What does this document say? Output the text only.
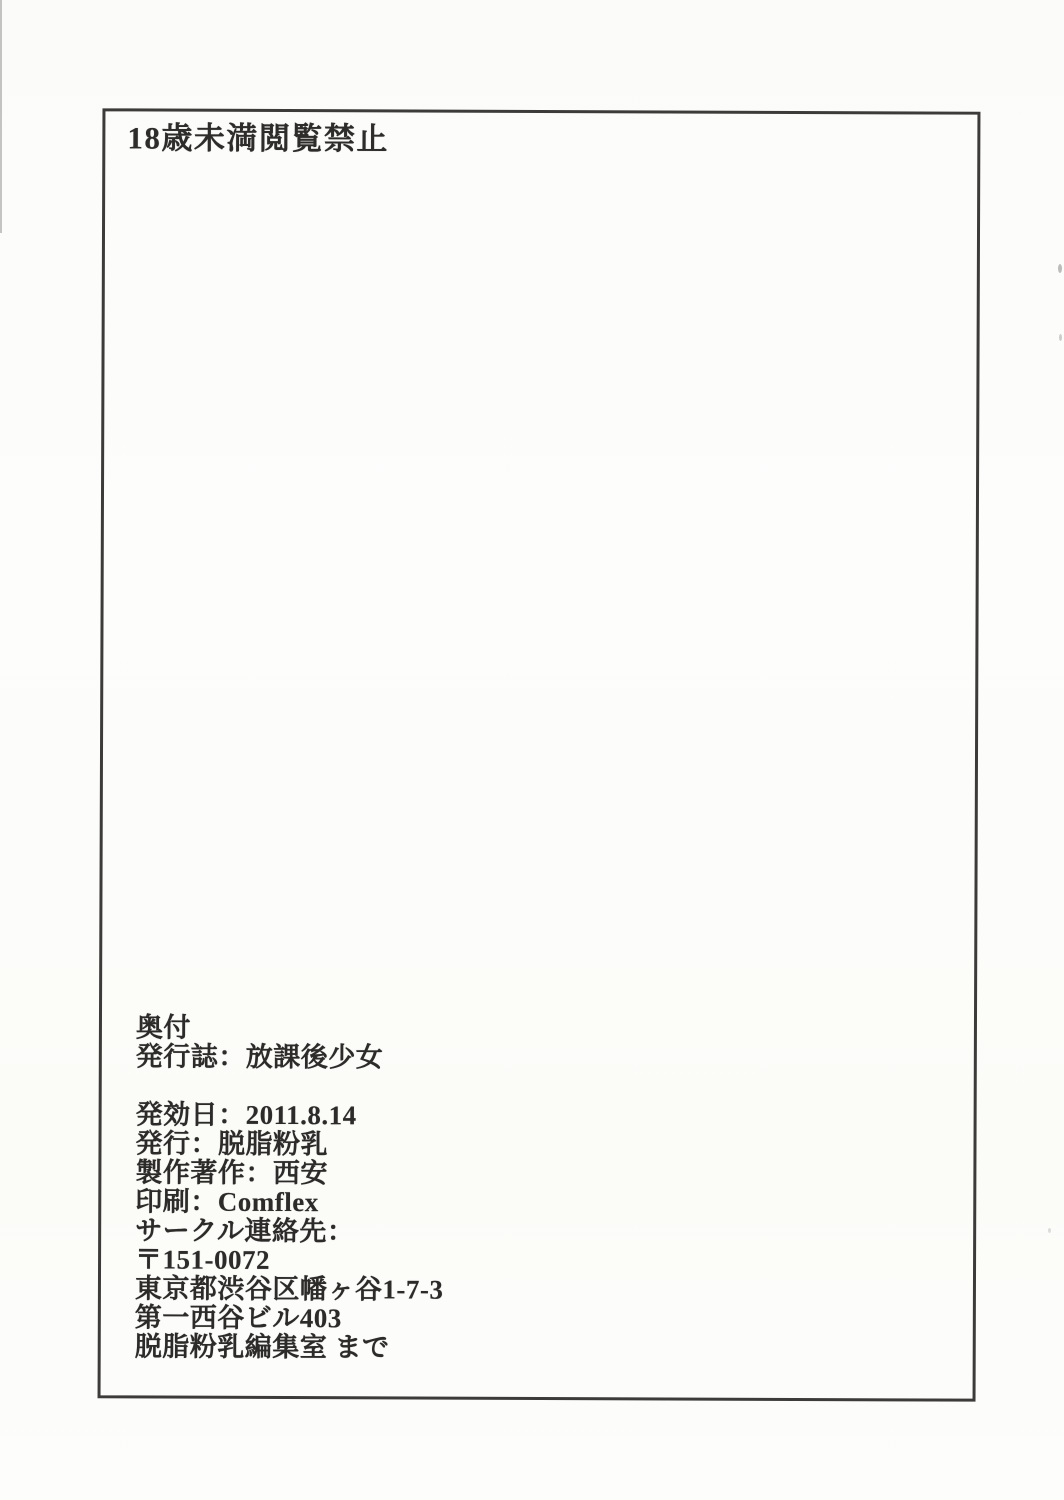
18歳未満閲覧禁止
奥付
発行誌：放課後少女
発効日：2011.8.14
発行：脱脂粉乳
製作著作：西安
印刷：Comflex
サークル連絡先：
〒151-0072
東京都渋谷区幡ヶ谷1-7-3
第一西谷ビル403
脱脂粉乳編集室 まで
